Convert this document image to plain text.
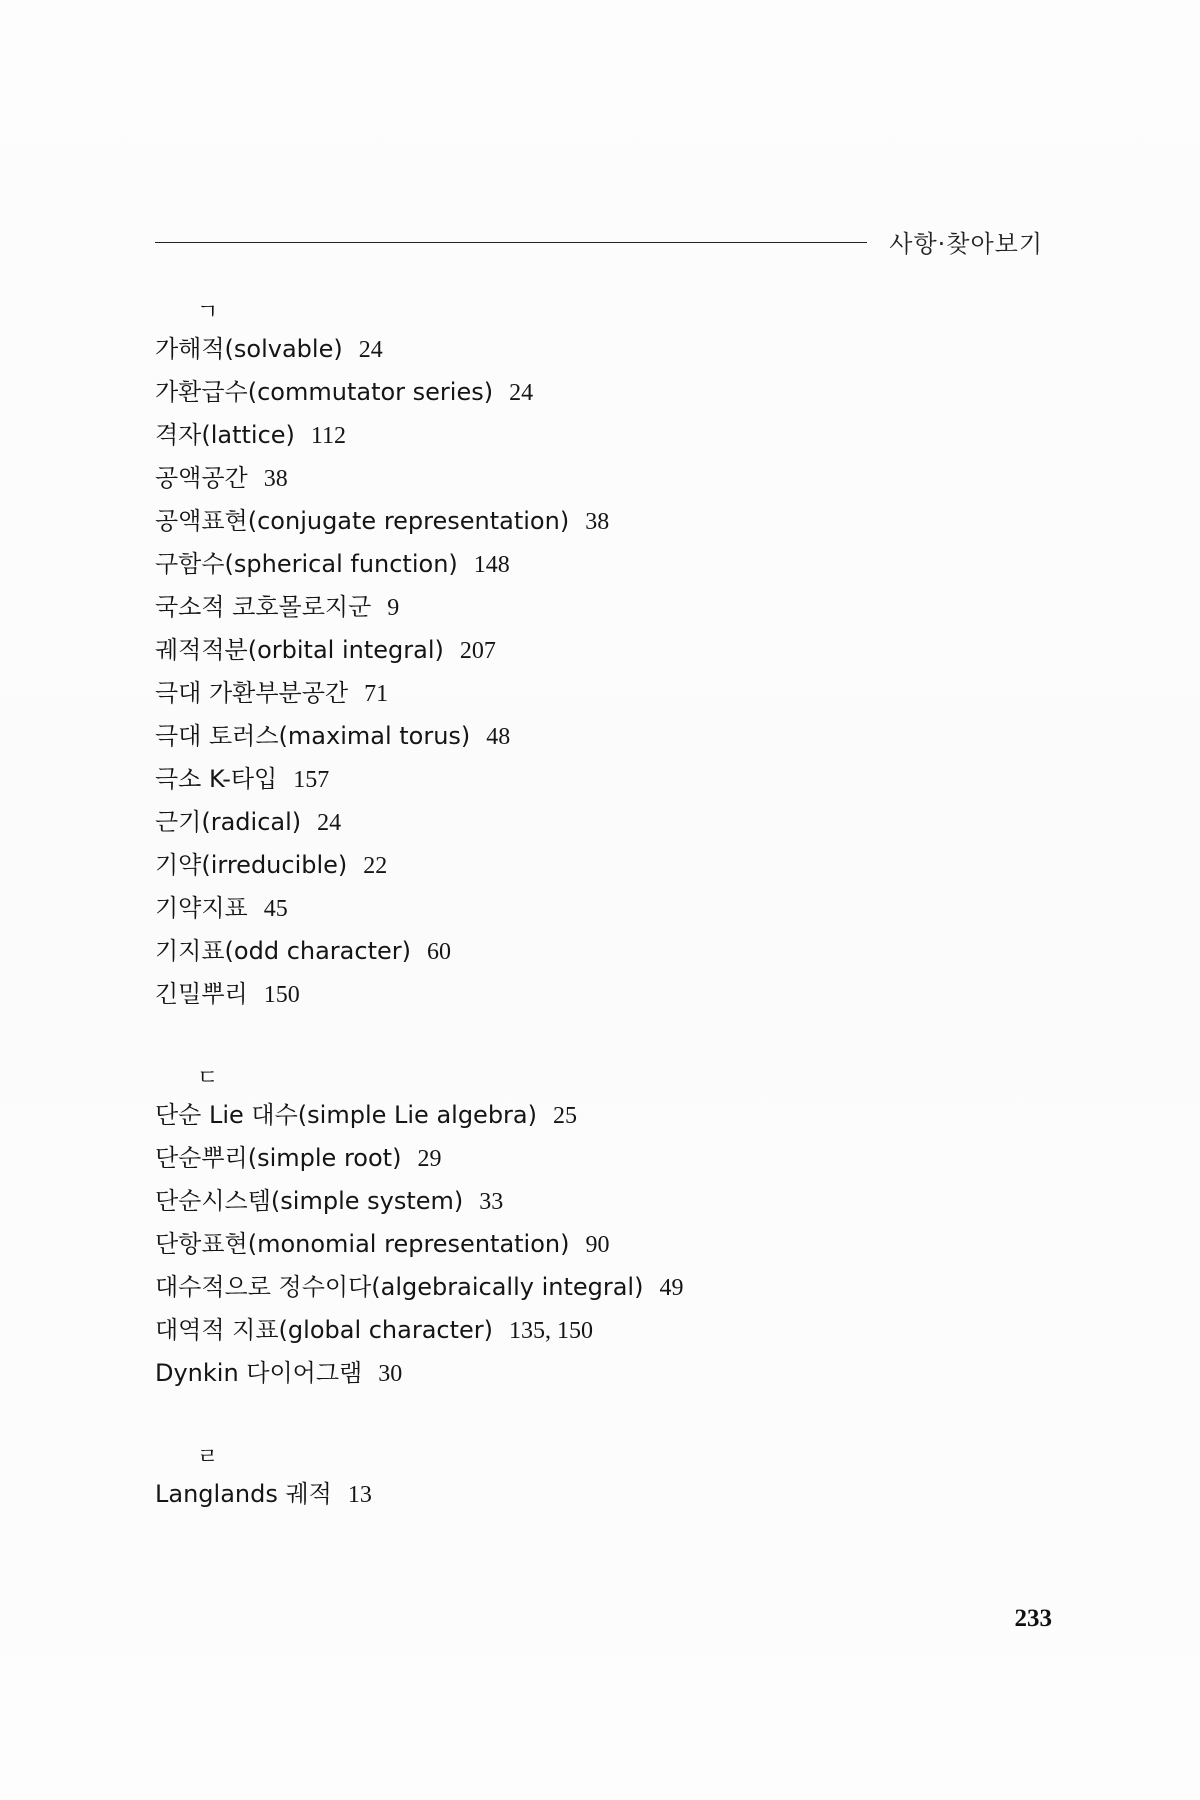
사항·찾아보기
ㄱ
가해적(solvable) 24
가환급수(commutator series) 24
격자(lattice) 112
공액공간 38
공액표현(conjugate representation) 38
구함수(spherical function) 148
국소적 코호몰로지군 9
궤적적분(orbital integral) 207
극대 가환부분공간 71
극대 토러스(maximal torus) 48
극소 K-타입 157
근기(radical) 24
기약(irreducible) 22
기약지표 45
기지표(odd character) 60
긴밀뿌리 150
ㄷ
단순 Lie 대수(simple Lie algebra) 25
단순뿌리(simple root) 29
단순시스템(simple system) 33
단항표현(monomial representation) 90
대수적으로 정수이다(algebraically integral) 49
대역적 지표(global character) 135, 150
Dynkin 다이어그램 30
ㄹ
Langlands 궤적 13
233
